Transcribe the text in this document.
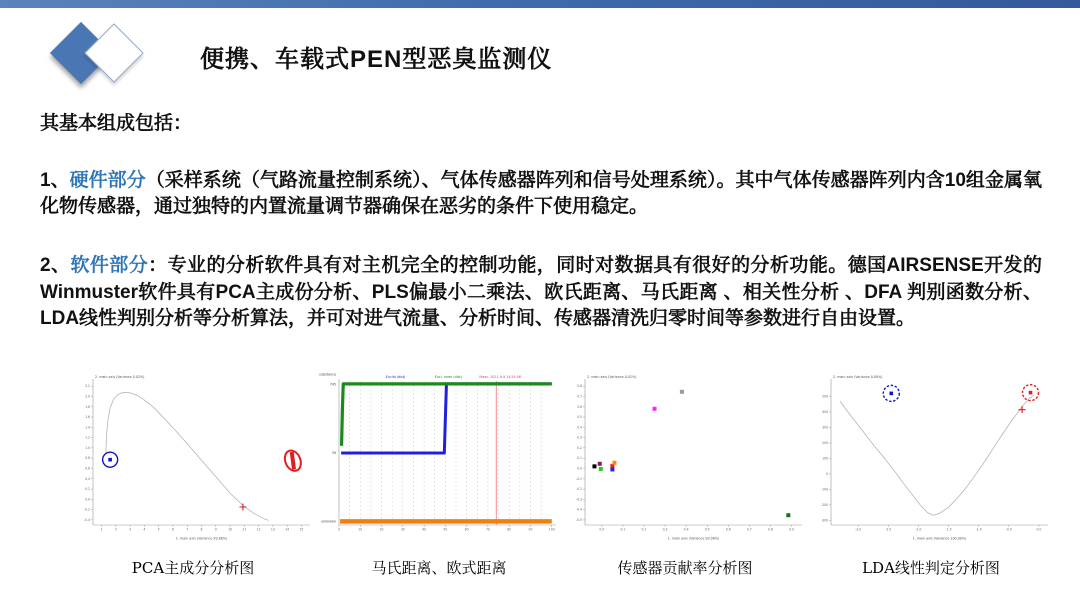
便携、车载式PEN型恶臭监测仪

其基本组成包括：

1、硬件部分（采样系统（气路流量控制系统）、气体传感器阵列和信号处理系统）。其中气体传感器阵列内含10组金属氧化物传感器，通过独特的内置流量调节器确保在恶劣的条件下使用稳定。

2、软件部分：专业的分析软件具有对主机完全的控制功能，同时对数据具有很好的分析功能。德国AIRSENSE开发的Winmuster软件具有PCA主成份分析、PLS偏最小二乘法、欧氏距离、马氏距离 、相关性分析 、DFA 判别函数分析、LDA线性判别分析等分析算法，并可对进气流量、分析时间、传感器清洗归零时间等参数进行自由设置。

1	2	3	4	5	6	7	8	9	10	11	12	13	14	15
-0.4
-0.2
0.0
0.2
0.4
0.6
0.8
1.0
1.2
1.4
1.6
1.8
2.0
2.2
2. main axis (Variance 0.02%)
1. main axis (Variance 99.86%)
PCA主成分分析图
0	10	20	30	40	50	60	70	80	90	100
substance
745
39
unknown
Euclid (dist)	Eucl. norm (dist)	Meas. 2021-9-9 14:54:56
马氏距离、欧式距离
0.0	0.1	0.2	0.3	0.4	0.5	0.6	0.7	0.8	0.9
-0.5
-0.4
-0.3
-0.2
-0.1
0.0
0.1
0.2
0.3
0.4
0.5
0.6
0.7
0.8
2. main axis (Variance 0.02%)
1. main axis (Variance 99.98%)
传感器贡献率分析图
-3.0	-2.5	-2.0	-1.5	-1.0	-0.5	0.0
-300
-200
-100
0
100
200
300
400
500
2. main axis (Variance 0.00%)
1. main axis (Variance 100.00%)
LDA线性判定分析图
